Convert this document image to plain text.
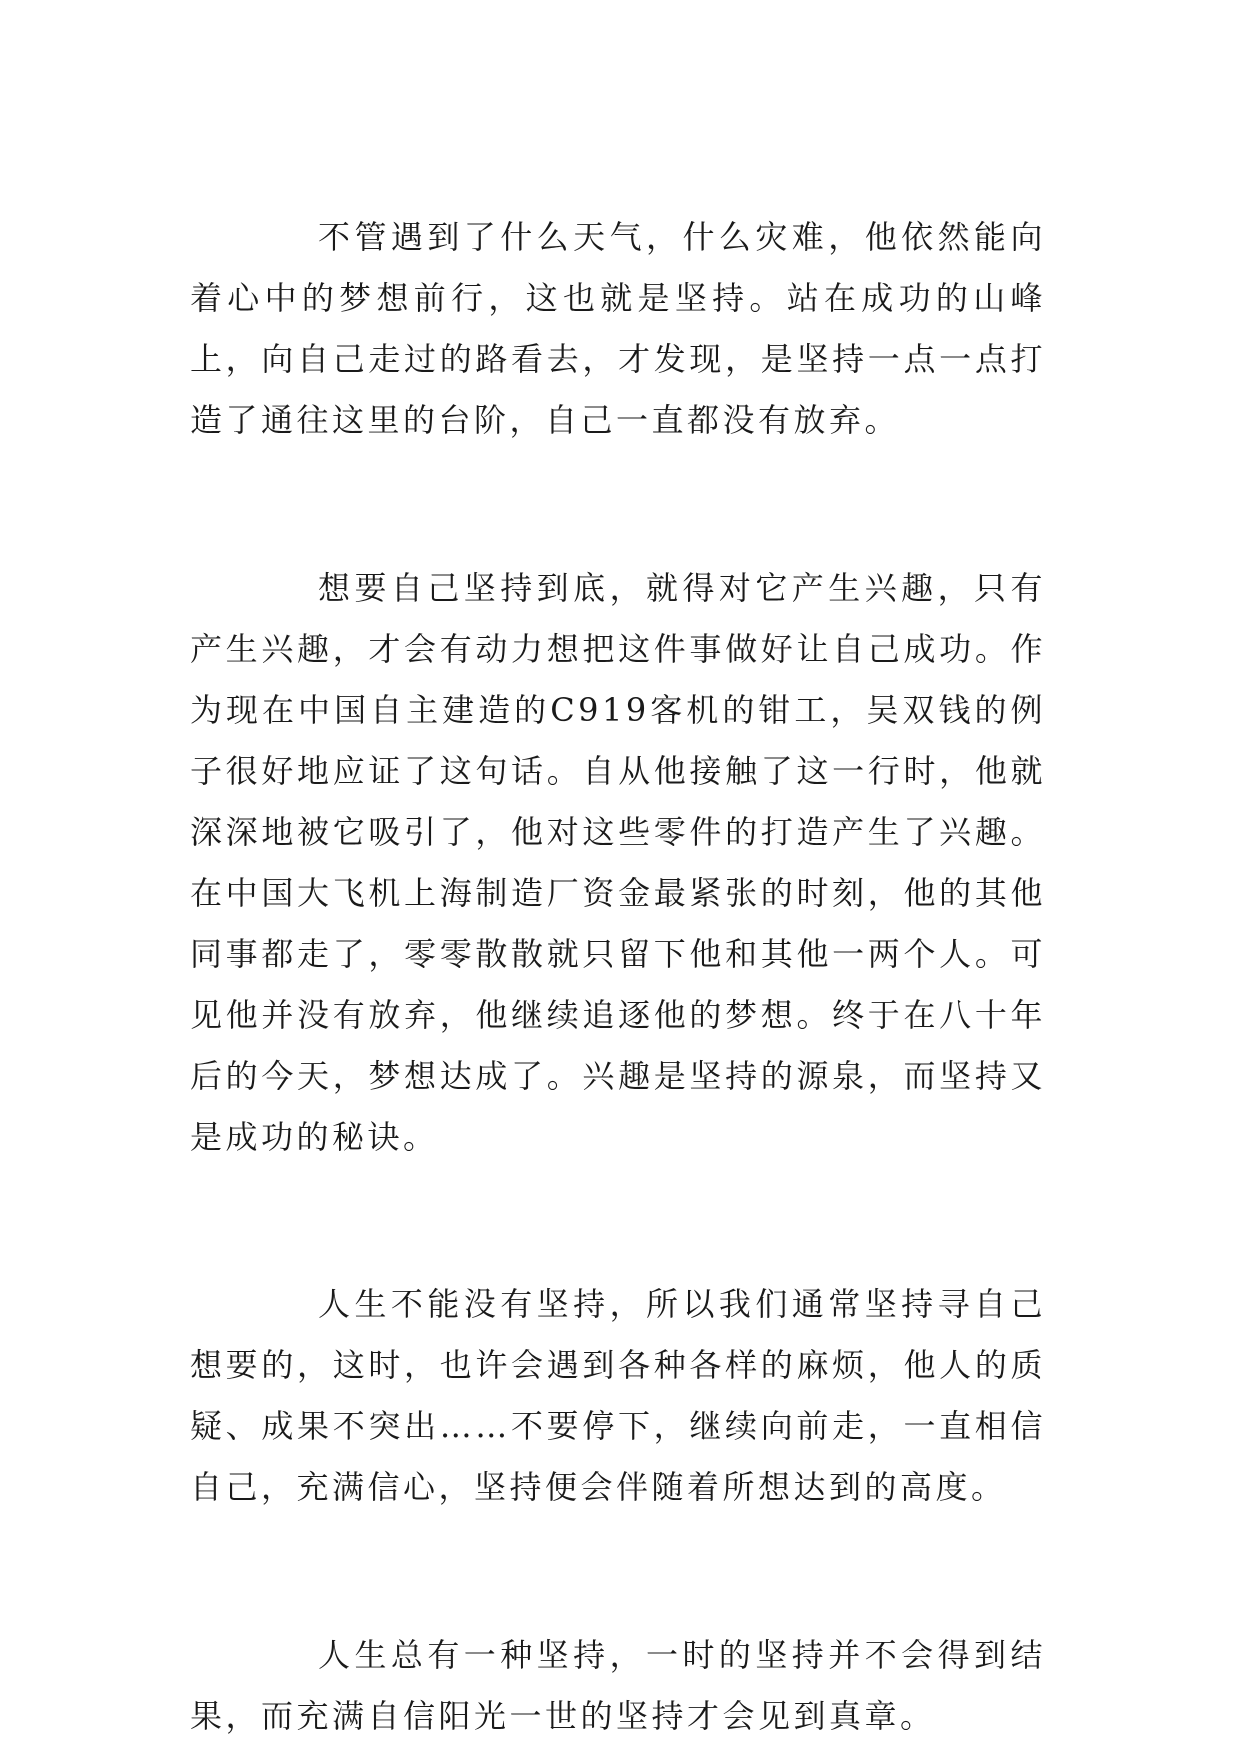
不管遇到了什么天气，什么灾难，他依然能向着心中的梦想前行，这也就是坚持。站在成功的山峰上，向自己走过的路看去，才发现，是坚持一点一点打造了通往这里的台阶，自己一直都没有放弃。

想要自己坚持到底，就得对它产生兴趣，只有产生兴趣，才会有动力想把这件事做好让自己成功。作为现在中国自主建造的C919客机的钳工，吴双钱的例子很好地应证了这句话。自从他接触了这一行时，他就深深地被它吸引了，他对这些零件的打造产生了兴趣。在中国大飞机上海制造厂资金最紧张的时刻，他的其他同事都走了，零零散散就只留下他和其他一两个人。可见他并没有放弃，他继续追逐他的梦想。终于在八十年后的今天，梦想达成了。兴趣是坚持的源泉，而坚持又是成功的秘诀。

人生不能没有坚持，所以我们通常坚持寻自己想要的，这时，也许会遇到各种各样的麻烦，他人的质疑、成果不突出……不要停下，继续向前走，一直相信自己，充满信心，坚持便会伴随着所想达到的高度。

人生总有一种坚持，一时的坚持并不会得到结果，而充满自信阳光一世的坚持才会见到真章。
